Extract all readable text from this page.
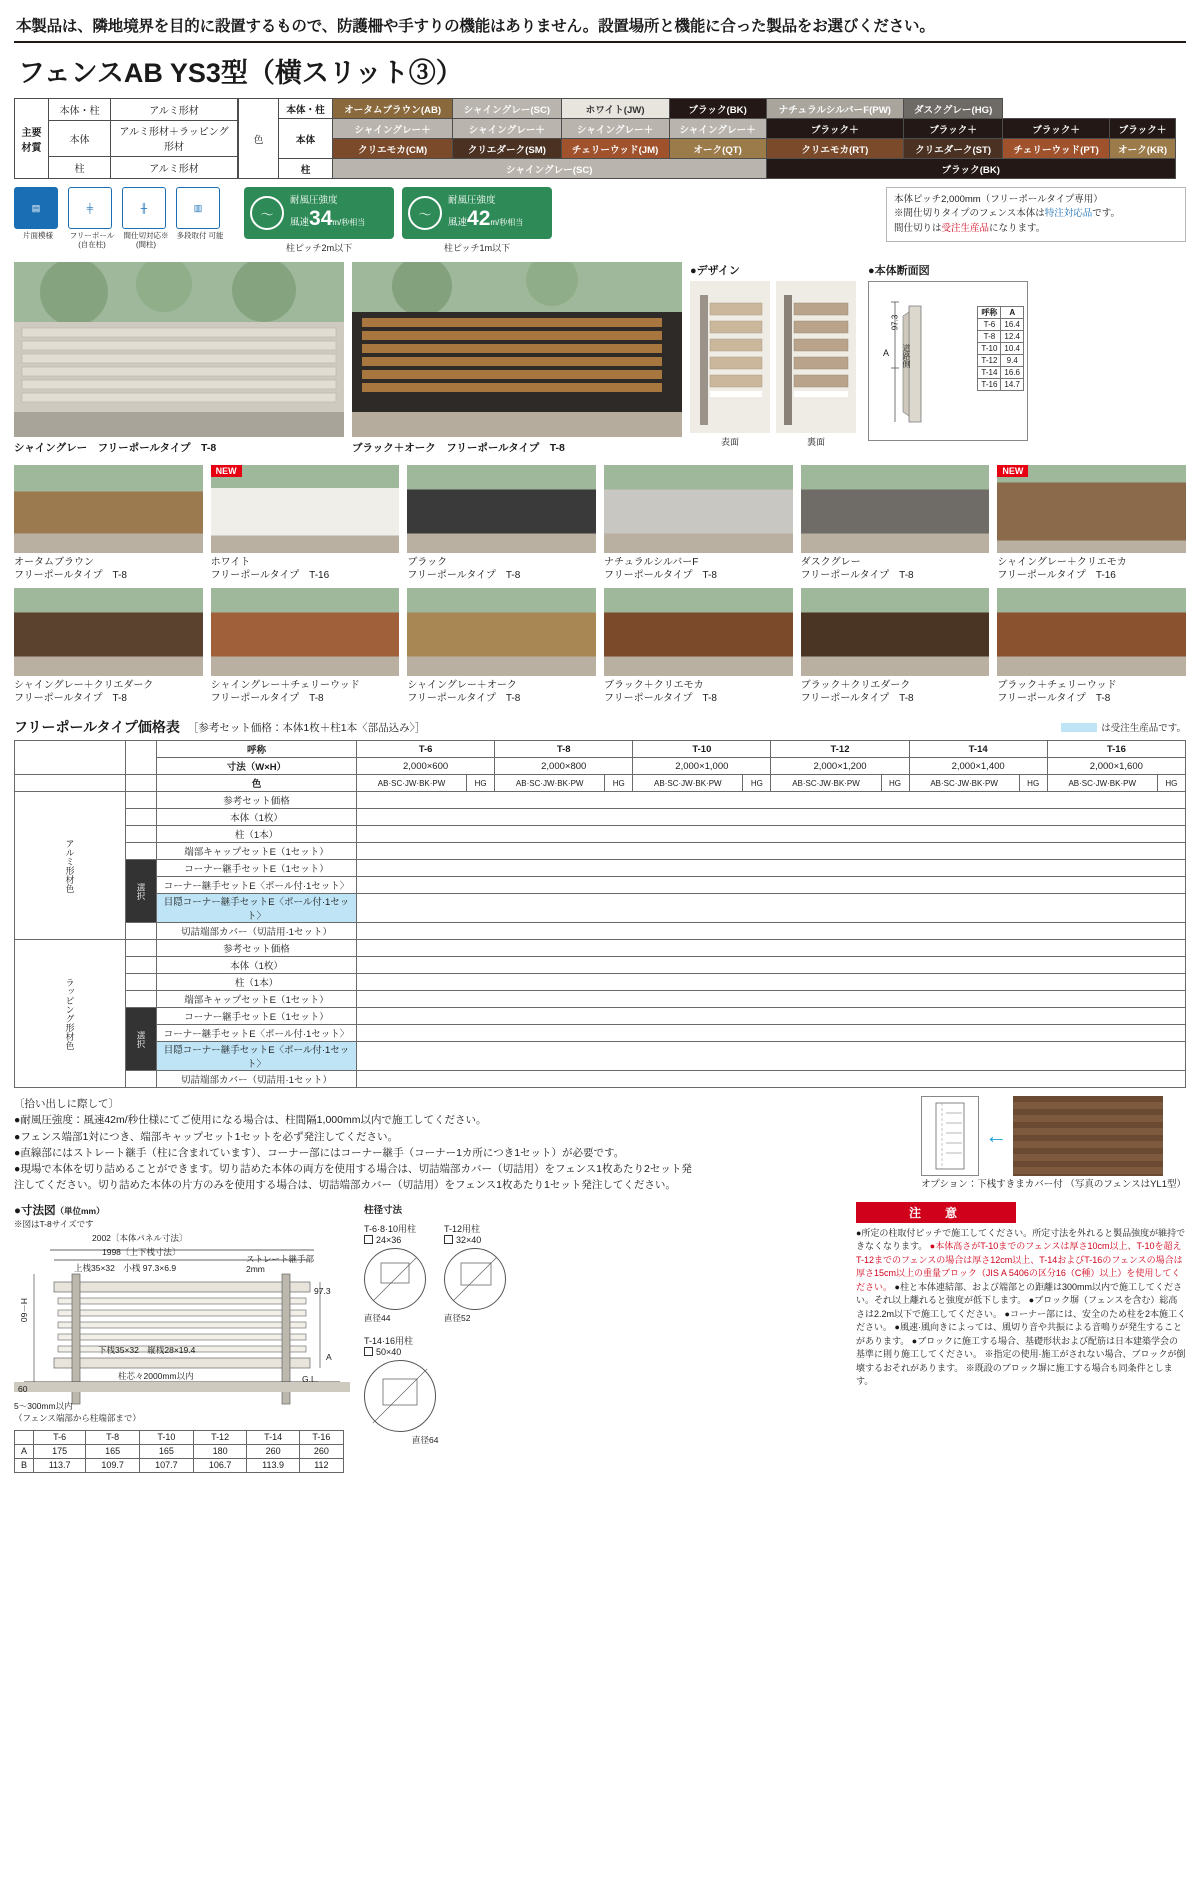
本製品は、隣地境界を目的に設置するもので、防護柵や手すりの機能はありません。設置場所と機能に合った製品をお選びください。
フェンスAB YS3型（横スリット③）
主要材質	本体・柱	アルミ形材
	本体	アルミ形材＋ラッピング形材
	柱	アルミ形材
色	本体・柱	オータムブラウン(AB)	シャイングレー(SC)	ホワイト(JW)	ブラック(BK)	ナチュラルシルバーF(PW)	ダスクグレー(HG)		
	本体	シャイングレー＋	シャイングレー＋	シャイングレー＋	シャイングレー＋	ブラック＋	ブラック＋	ブラック＋	ブラック＋
		クリエモカ(CM)	クリエダーク(SM)	チェリーウッド(JM)	オーク(QT)	クリエモカ(RT)	クリエダーク(ST)	チェリーウッド(PT)	オーク(KR)
	柱	シャイングレー(SC)				ブラック(BK)			
▤
片面模様
╪
フリーポール (自在柱)
╫
間仕切対応※ (間柱)
▥
多段取付 可能
〜
耐風圧強度
風速34m/秒相当
柱ピッチ2m以下
〜
耐風圧強度
風速42m/秒相当
柱ピッチ1m以下
本体ピッチ2,000mm（フリーポールタイプ専用）
※間仕切りタイプのフェンス本体は特注対応品です。
間仕切りは受注生産品になります。
シャイングレー　フリーポールタイプ　T-8	ブラック＋オーク　フリーポールタイプ　T-8
●デザイン
表面	裏面
●本体断面図
97.3
道路側
A
呼称	A
T-6	16.4
T-8	12.4
T-10	10.4
T-12	9.4
T-14	16.6
T-16	14.7
オータムブラウン
フリーポールタイプ　T-8
NEW
ホワイト
フリーポールタイプ　T-16
ブラック
フリーポールタイプ　T-8
ナチュラルシルバーF
フリーポールタイプ　T-8
ダスクグレー
フリーポールタイプ　T-8
NEW
シャイングレー＋クリエモカ
フリーポールタイプ　T-16
シャイングレー＋クリエダーク
フリーポールタイプ　T-8
シャイングレー＋チェリーウッド
フリーポールタイプ　T-8
シャイングレー＋オーク
フリーポールタイプ　T-8
ブラック＋クリエモカ
フリーポールタイプ　T-8
ブラック＋クリエダーク
フリーポールタイプ　T-8
ブラック＋チェリーウッド
フリーポールタイプ　T-8
フリーポールタイプ価格表 ［参考セット価格：本体1枚＋柱1本〈部品込み〉］	は受注生産品です。
		呼称	T-6		T-8		T-10		T-12		T-14		T-16	
		寸法（W×H）	2,000×600		2,000×800		2,000×1,000		2,000×1,200		2,000×1,400		2,000×1,600	
		色	AB·SC·JW·BK·PW	HG	AB·SC·JW·BK·PW	HG	AB·SC·JW·BK·PW	HG	AB·SC·JW·BK·PW	HG	AB·SC·JW·BK·PW	HG	AB·SC·JW·BK·PW	HG
アルミ形材色		参考セット価格												
		本体（1枚）												
		柱（1本）												
		端部キャップセットE（1セット）												
	選択	コーナー継手セットE（1セット）												
		コーナー継手セットE〈ポール付·1セット〉												
		目隠コーナー継手セットE〈ポール付·1セット〉												
		切詰端部カバー（切詰用·1セット）												
ラッピング形材色		参考セット価格												
		本体（1枚）												
		柱（1本）												
		端部キャップセットE（1セット）												
	選択	コーナー継手セットE（1セット）												
		コーナー継手セットE〈ポール付·1セット〉												
		目隠コーナー継手セットE〈ポール付·1セット〉												
		切詰端部カバー（切詰用·1セット）												
〔拾い出しに際して〕
●耐風圧強度：風速42m/秒仕様にてご使用になる場合は、柱間隔1,000mm以内で施工してください。
●フェンス端部1対につき、端部キャップセット1セットを必ず発注してください。
●直線部にはストレート継手（柱に含まれています）、コーナー部にはコーナー継手（コーナー1カ所につき1セット）が必要です。
●現場で本体を切り詰めることができます。切り詰めた本体の両方を使用する場合は、切詰端部カバー（切詰用）をフェンス1枚あたり2セット発注してください。切り詰めた本体の片方のみを使用する場合は、切詰端部カバー（切詰用）をフェンス1枚あたり1セット発注してください。
←
オプション：下桟すきまカバー付 （写真のフェンスはYL1型）
●寸法図（単位mm）
※図はT-8サイズです
2002〔本体パネル寸法〕
1998〔上下桟寸法〕
上桟35×32　小桟 97.3×6.9
ストレート継手部
2mm
97.3
H－60
60
G.L.
柱芯々2000mm以内
下桟35×32　縦桟28×19.4
5～300mm以内
（フェンス端部から柱端部まで）
A
	T-6	T-8	T-10	T-12	T-14	T-16
A	175	165	165	180	260	260
B	113.7	109.7	107.7	106.7	113.9	112
柱径寸法
T-6·8·10用柱
24×36
直径44
T-12用柱
32×40
直径52
T-14·16用柱
50×40
直径64
注　意
●所定の柱取付ピッチで施工してください。所定寸法を外れると製品強度が維持できなくなります。 ●本体高さがT-10までのフェンスは厚さ10cm以上、T-10を超えT-12までのフェンスの場合は厚さ12cm以上、T-14およびT-16のフェンスの場合は厚さ15cm以上の重量ブロック（JIS A 5406の区分16（C種）以上）を使用してください。 ●柱と本体連結部、および端部との距離は300mm以内で施工してください。それ以上離れると強度が低下します。 ●ブロック塀（フェンスを含む）総高さは2.2m以下で施工してください。 ●コーナー部には、安全のため柱を2本施工ください。 ●風速·風向きによっては、風切り音や共振による音鳴りが発生することがあります。 ●ブロックに施工する場合、基礎形状および配筋は日本建築学会の基準に則り施工してください。 ※指定の使用·施工がされない場合、ブロックが倒壊するおそれがあります。 ※既設のブロック塀に施工する場合も同条件とします。
